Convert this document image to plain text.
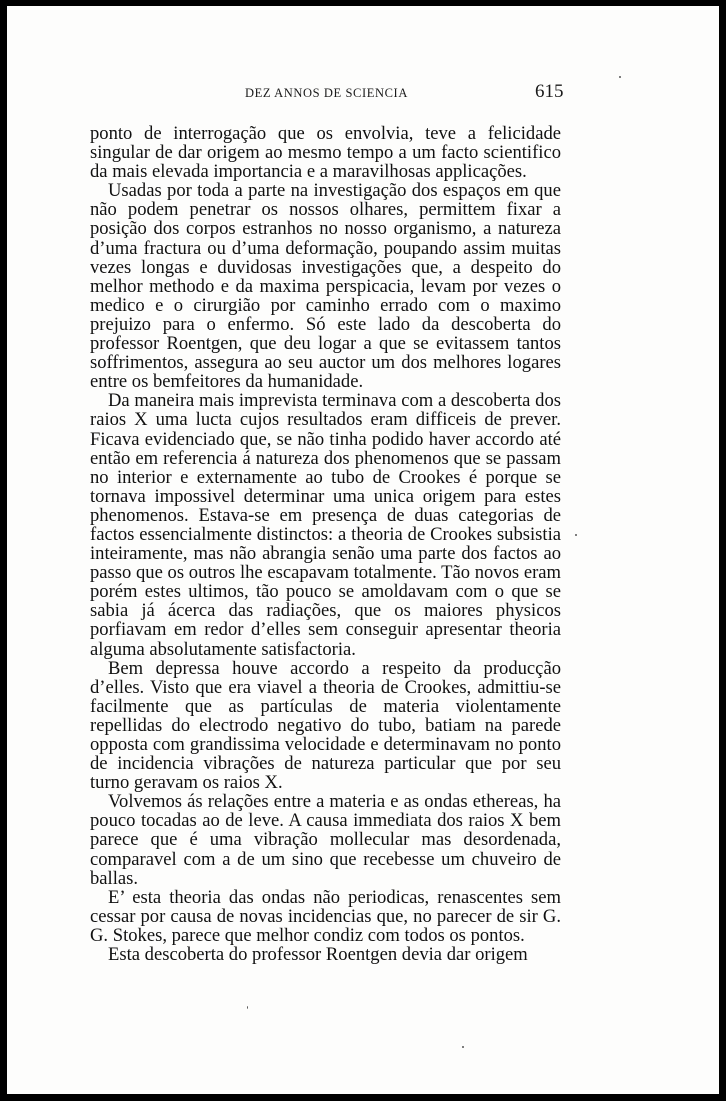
DEZ ANNOS DE SCIENCIA	615

ponto de interrogação que os envolvia, teve a felicidade singular de dar origem ao mesmo tempo a um facto scientifico da mais elevada importancia e a maravilhosas applicações.

Usadas por toda a parte na investigação dos espaços em que não podem penetrar os nossos olhares, permittem fixar a posição dos corpos estranhos no nosso organismo, a natureza d’uma fractura ou d’uma deformação, poupando assim muitas vezes longas e duvidosas investigações que, a despeito do melhor methodo e da maxima perspicacia, levam por vezes o medico e o cirurgião por caminho errado com o maximo prejuizo para o enfermo. Só este lado da descoberta do professor Roentgen, que deu logar a que se evitassem tantos soffrimentos, assegura ao seu auctor um dos melhores logares entre os bemfeitores da humanidade.

Da maneira mais imprevista terminava com a descoberta dos raios X uma lucta cujos resultados eram difficeis de prever. Ficava evidenciado que, se não tinha podido haver accordo até então em referencia á natureza dos phenomenos que se passam no interior e externamente ao tubo de Crookes é porque se tornava impossivel determinar uma unica origem para estes phenomenos. Estava-se em presença de duas categorias de factos essencialmente distinctos: a theoria de Crookes subsistia inteiramente, mas não abrangia senão uma parte dos factos ao passo que os outros lhe escapavam totalmente. Tão novos eram porém estes ultimos, tão pouco se amoldavam com o que se sabia já ácerca das radiações, que os maiores physicos porfiavam em redor d’elles sem conseguir apresentar theoria alguma absolutamente satisfactoria.

Bem depressa houve accordo a respeito da producção d’elles. Visto que era viavel a theoria de Crookes, admittiu-se facilmente que as partículas de materia violentamente repellidas do electrodo negativo do tubo, batiam na parede opposta com grandissima velocidade e determinavam no ponto de incidencia vibrações de natureza particular que por seu turno geravam os raios X.

Volvemos ás relações entre a materia e as ondas ethereas, ha pouco tocadas ao de leve. A causa immediata dos raios X bem parece que é uma vibração mollecular mas desordenada, comparavel com a de um sino que recebesse um chuveiro de ballas.

E’ esta theoria das ondas não periodicas, renascentes sem cessar por causa de novas incidencias que, no parecer de sir G. G. Stokes, parece que melhor condiz com todos os pontos.

Esta descoberta do professor Roentgen devia dar origem
